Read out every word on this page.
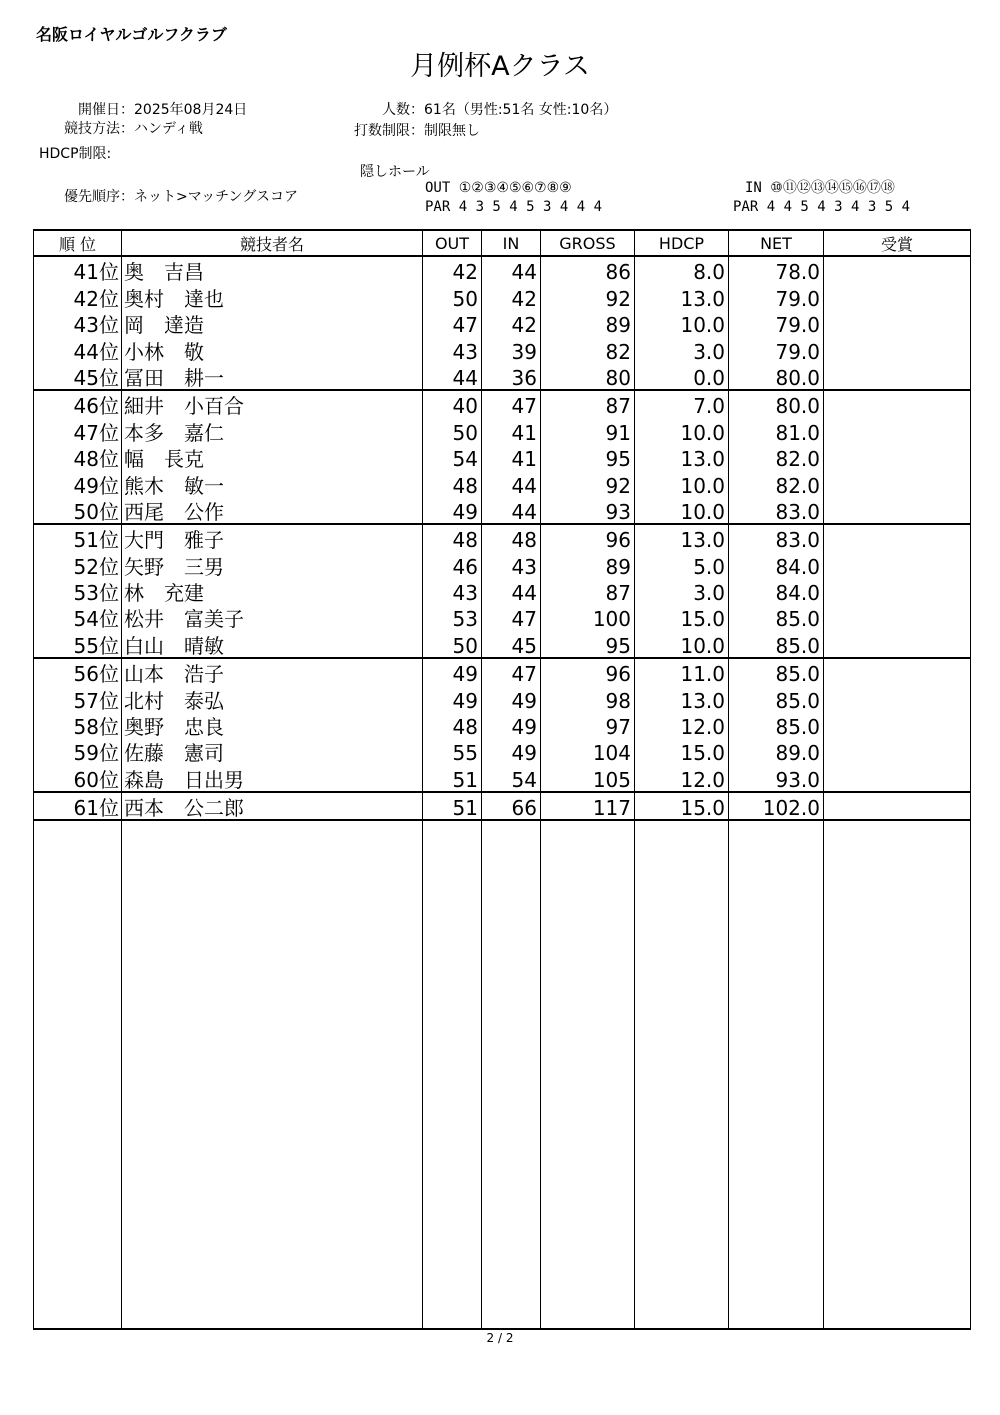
名阪ロイヤルゴルフクラブ
月例杯Aクラス
開催日：2025年08月24日
競技方法：ハンディ戦
HDCP制限:
優先順序：ネット>マッチングスコア
人数：61名（男性:51名 女性:10名）
打数制限：制限無し
隠しホール
OUT ①②③④⑤⑥⑦⑧⑨
PAR 4 3 5 4 5 3 4 4 4
IN ⑩⑪⑫⑬⑭⑮⑯⑰⑱
PAR 4 4 5 4 3 4 3 5 4
順 位	競技者名	OUT	IN	GROSS	HDCP	NET	受賞
41位	奥　吉昌	42	44	86	8.0	78.0	
42位	奥村　達也	50	42	92	13.0	79.0	
43位	岡　達造	47	42	89	10.0	79.0	
44位	小林　敬	43	39	82	3.0	79.0	
45位	冨田　耕一	44	36	80	0.0	80.0	
46位	細井　小百合	40	47	87	7.0	80.0	
47位	本多　嘉仁	50	41	91	10.0	81.0	
48位	幅　長克	54	41	95	13.0	82.0	
49位	熊木　敏一	48	44	92	10.0	82.0	
50位	西尾　公作	49	44	93	10.0	83.0	
51位	大門　雅子	48	48	96	13.0	83.0	
52位	矢野　三男	46	43	89	5.0	84.0	
53位	林　充建	43	44	87	3.0	84.0	
54位	松井　富美子	53	47	100	15.0	85.0	
55位	白山　晴敏	50	45	95	10.0	85.0	
56位	山本　浩子	49	47	96	11.0	85.0	
57位	北村　泰弘	49	49	98	13.0	85.0	
58位	奥野　忠良	48	49	97	12.0	85.0	
59位	佐藤　憲司	55	49	104	15.0	89.0	
60位	森島　日出男	51	54	105	12.0	93.0	
61位	西本　公二郎	51	66	117	15.0	102.0	

2 / 2
